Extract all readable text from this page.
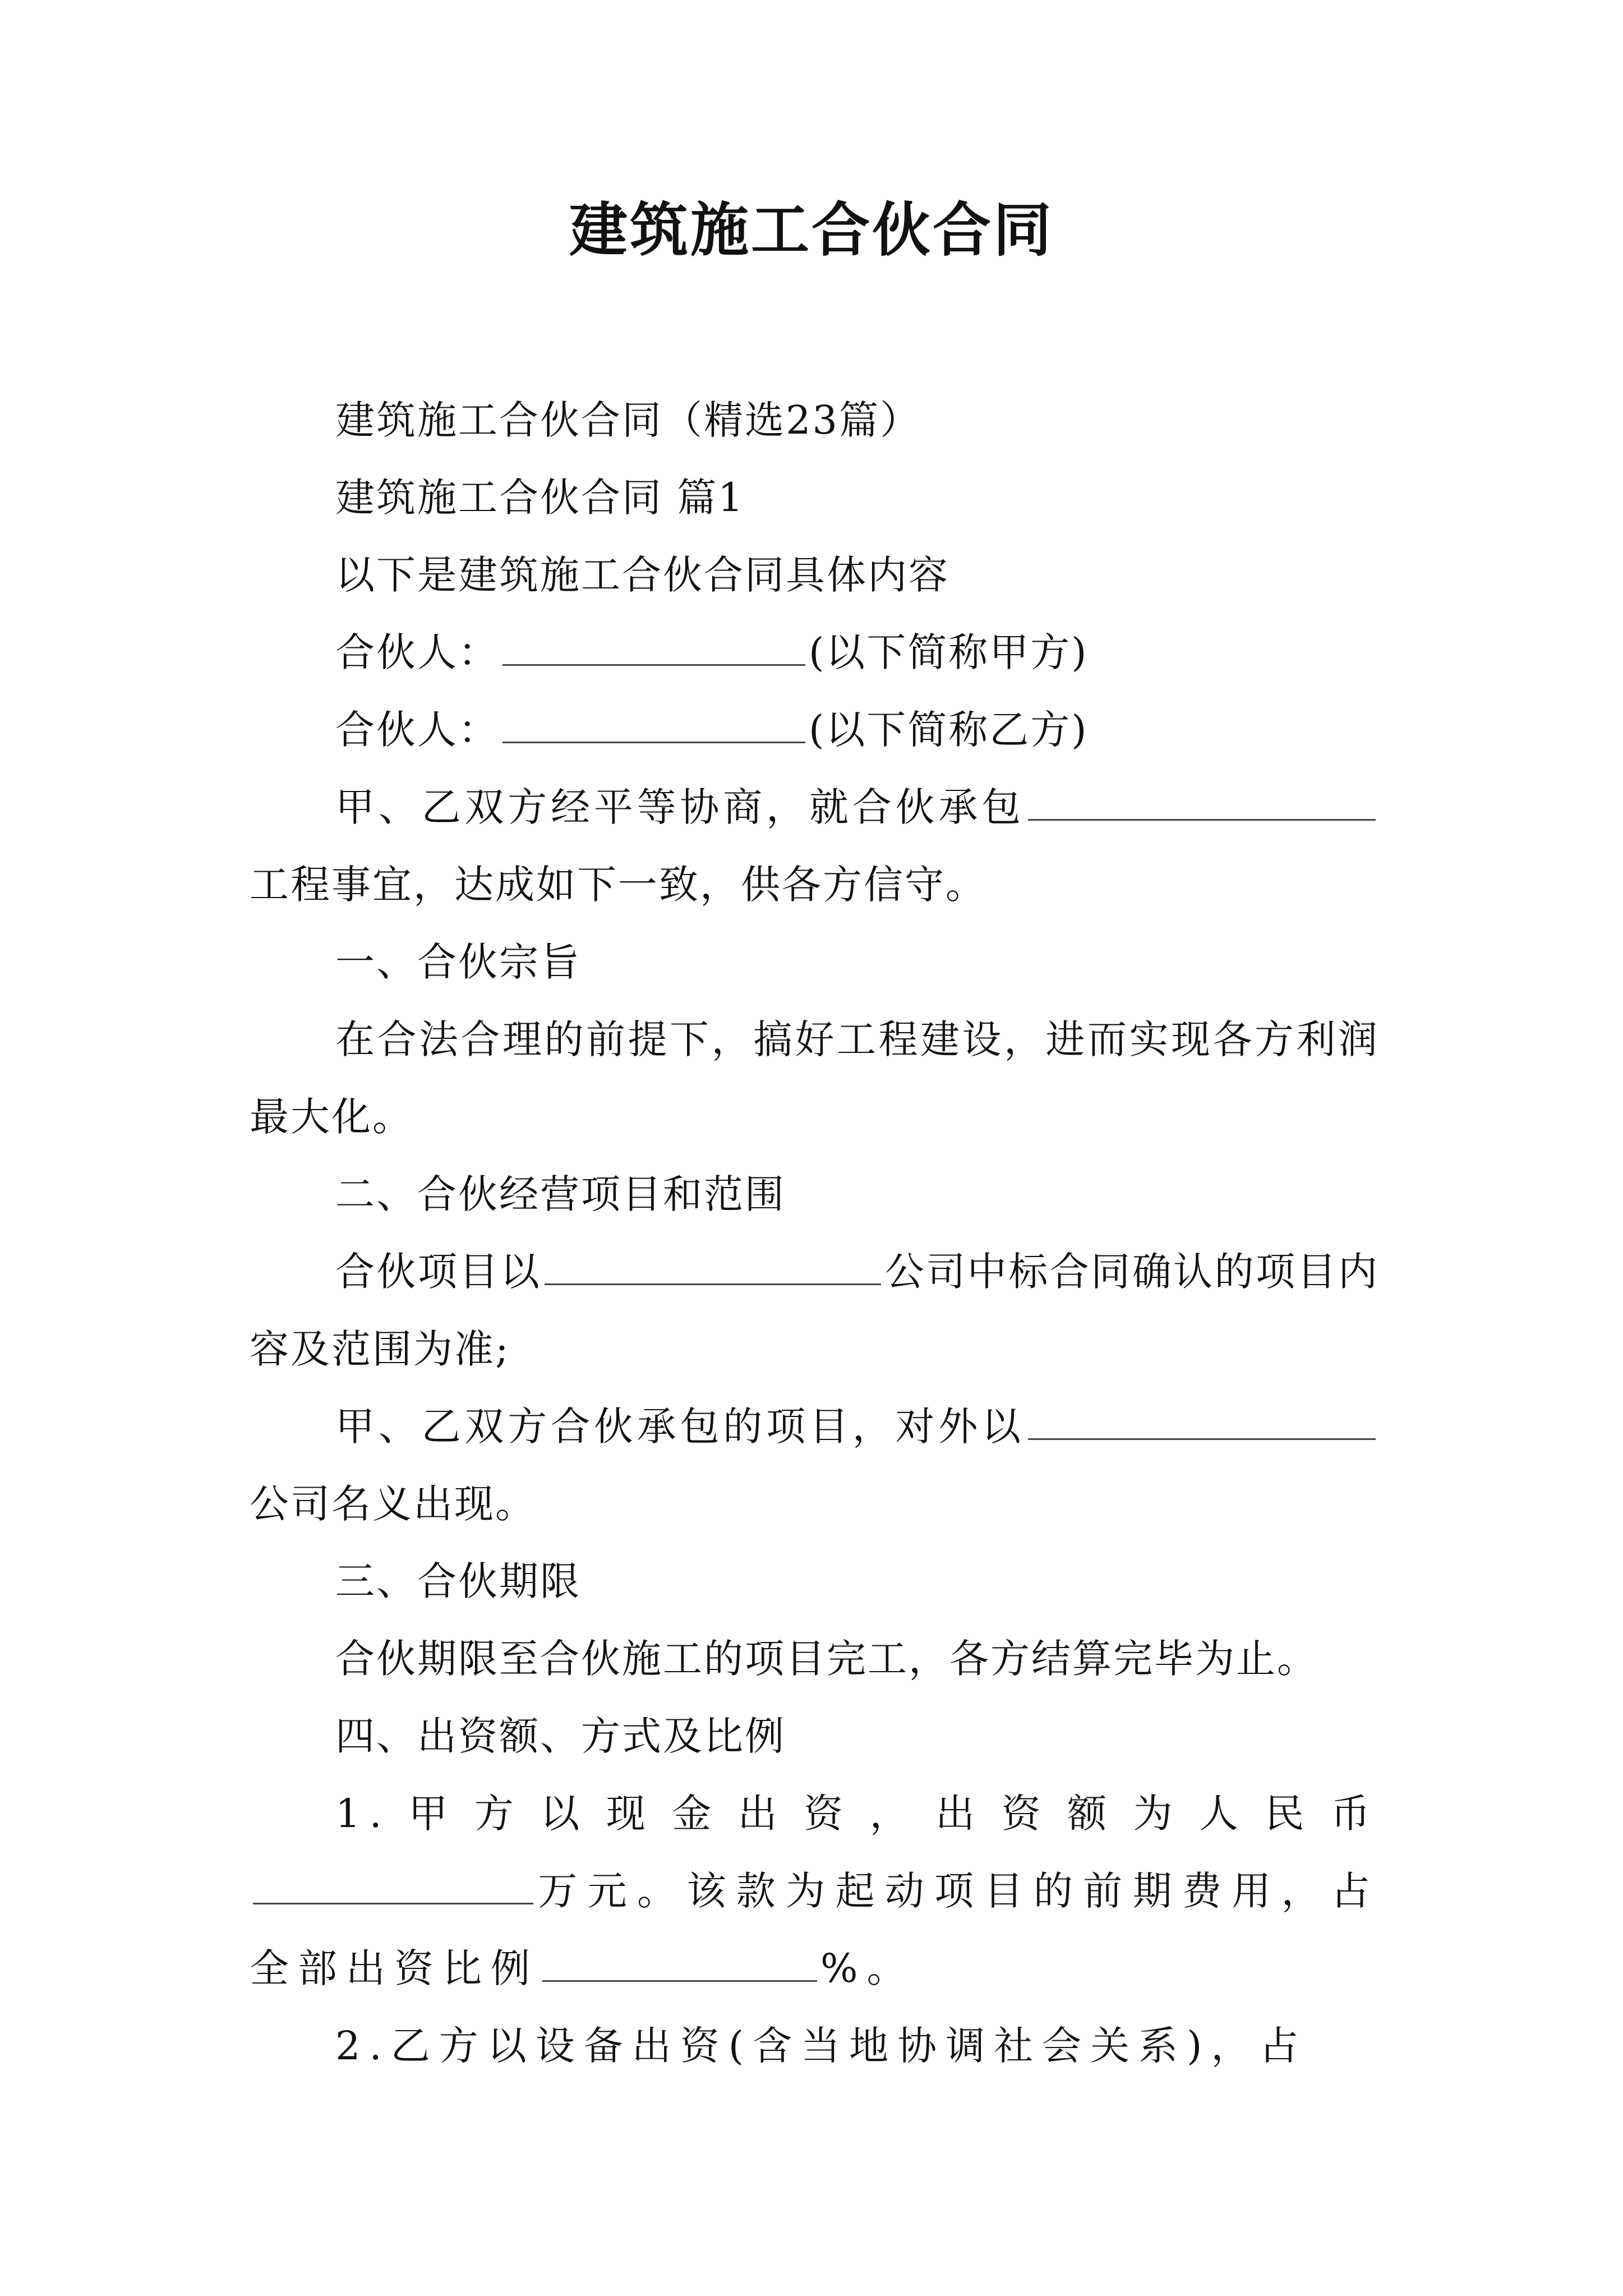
建筑施工合伙合同

建筑施工合伙合同（精选23篇）

建筑施工合伙合同 篇1

以下是建筑施工合伙合同具体内容

合伙人：	(以下简称甲方)

合伙人：	(以下简称乙方)

甲、乙双方经平等协商，就合伙承包工程事宜，达成如下一致，供各方信守。

一、合伙宗旨

在合法合理的前提下，搞好工程建设，进而实现各方利润最大化。

二、合伙经营项目和范围

合伙项目以	公司中标合同确认的项目内容及范围为准;

甲、乙双方合伙承包的项目，对外以公司名义出现。

三、合伙期限

合伙期限至合伙施工的项目完工，各方结算完毕为止。

四、出资额、方式及比例

1.甲方以现金出资，出资额为人民币万元。该款为起动项目的前期费用，占全部出资比例	%。

2.乙方以设备出资(含当地协调社会关系)，占
